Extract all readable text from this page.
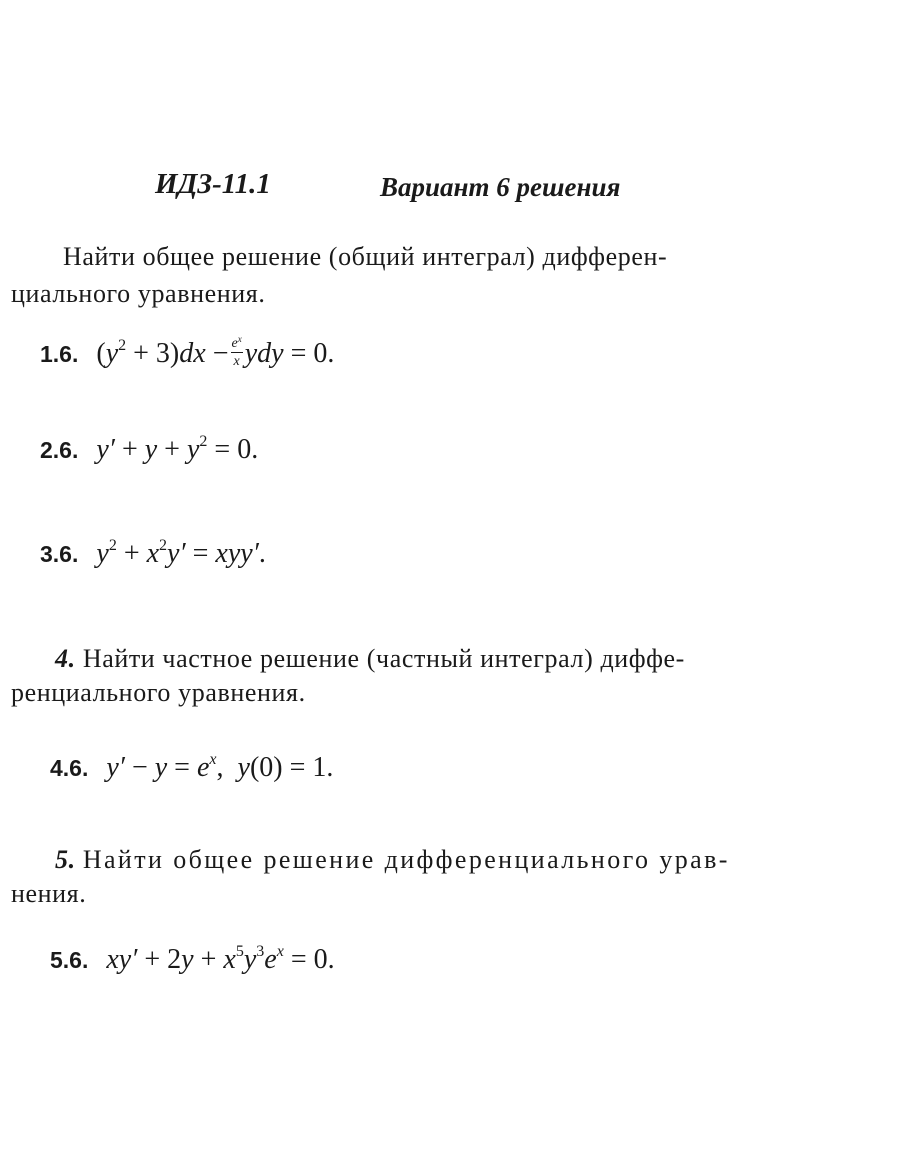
ИДЗ-11.1	Вариант 6 решения
Найти общее решение (общий интеграл) дифферен-
циального уравнения.
1.6. $(y^2 + 3)dx - \frac{e^x}{x}$ ydy = 0.
2.6. $y' + y + y^2 = 0$.
3.6. $y^2 + x^2y' = xyy'$.
4. Найти частное решение (частный интеграл) диффе-
ренциального уравнения.
4.6. $y' - y = e^x$,  y(0) = 1.
5. Найти общее решение дифференциального урав-
нения.
5.6. $xy' + 2y + x^5y^3e^x = 0$.
